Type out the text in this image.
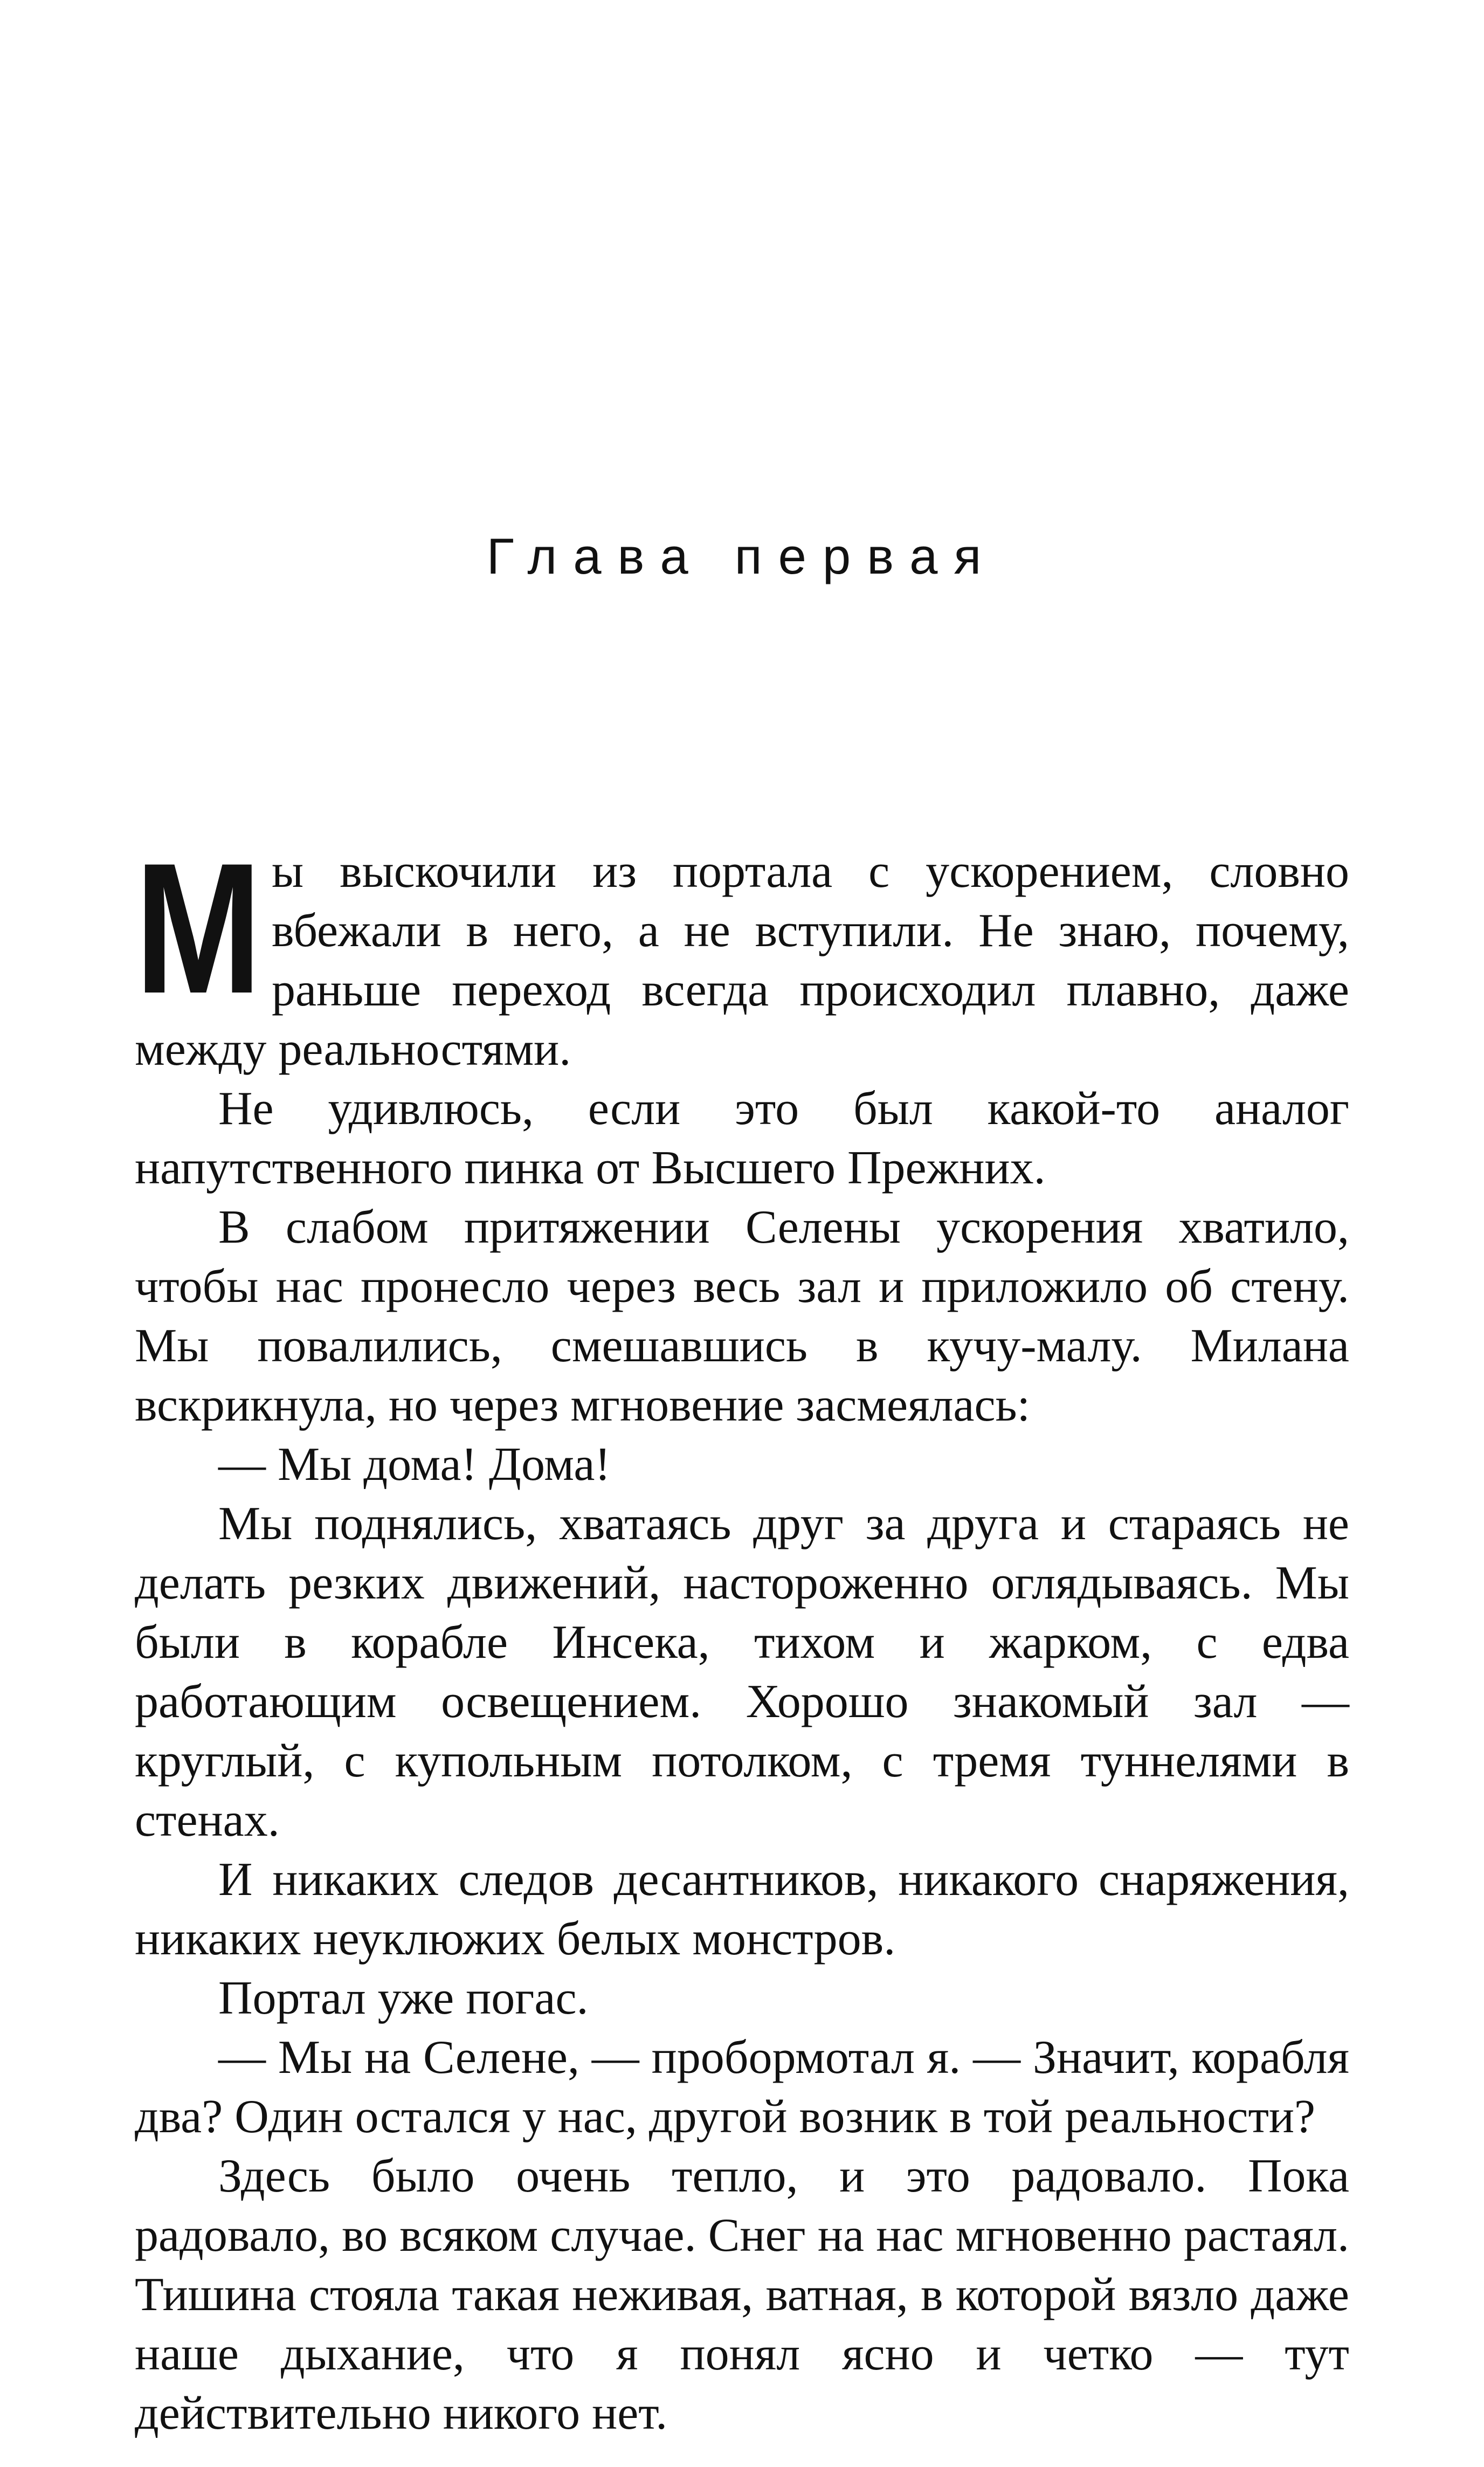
Глава первая

М ы выскочили из портала с ускорением, словно вбежали в него, а не вступили. Не знаю, почему, раньше переход всегда происходил плавно, даже между реальностями.

Не удивлюсь, если это был какой-то аналог напутственного пинка от Высшего Прежних.

В слабом притяжении Селены ускорения хватило, чтобы нас пронесло через весь зал и приложило об стену. Мы повалились, смешавшись в кучу-малу. Милана вскрикнула, но через мгновение засмеялась:

— Мы дома! Дома!

Мы поднялись, хватаясь друг за друга и стараясь не делать резких движений, настороженно оглядываясь. Мы были в корабле Инсека, тихом и жарком, с едва работающим освещением. Хорошо знакомый зал — круглый, с купольным потолком, с тремя туннелями в стенах.

И никаких следов десантников, никакого снаряжения, никаких неуклюжих белых монстров.

Портал уже погас.

— Мы на Селене, — пробормотал я. — Значит, корабля два? Один остался у нас, другой возник в той реальности?

Здесь было очень тепло, и это радовало. Пока радовало, во всяком случае. Снег на нас мгновенно растаял. Тишина стояла такая неживая, ватная, в которой вязло даже наше дыхание, что я понял ясно и четко — тут действительно никого нет.
